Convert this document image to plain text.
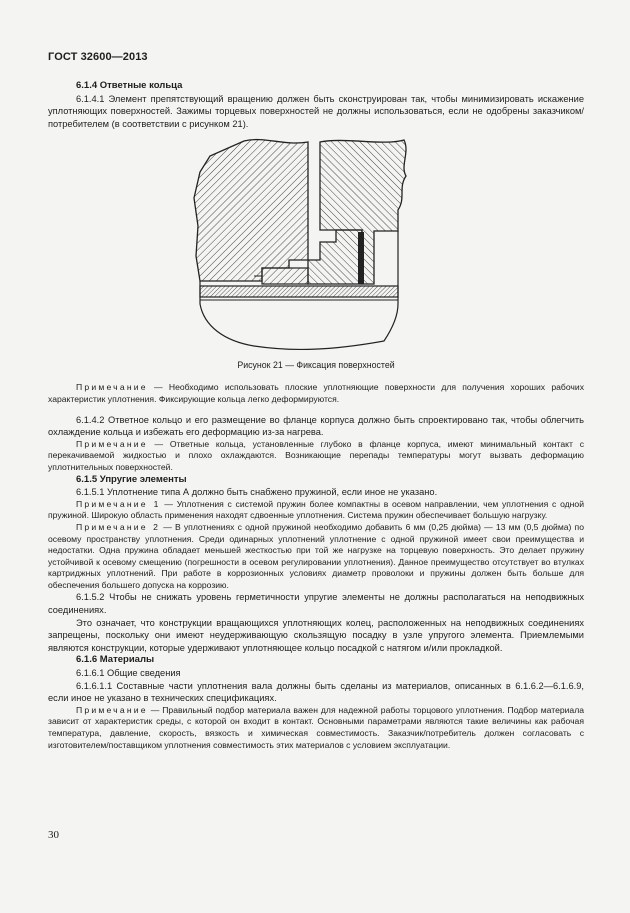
ГОСТ 32600—2013

6.1.4 Ответные кольца

6.1.4.1 Элемент препятствующий вращению должен быть сконструирован так, чтобы минимизировать искажение уплотняющих поверхностей. Зажимы торцевых поверхностей не должны использоваться, если не одобрены заказчиком/потребителем (в соответствии с рисунком 21).

Рисунок 21 — Фиксация поверхностей

Примечание — Необходимо использовать плоские уплотняющие поверхности для получения хороших рабочих характеристик уплотнения. Фиксирующие кольца легко деформируются.

6.1.4.2 Ответное кольцо и его размещение во фланце корпуса должно быть спроектировано так, чтобы облегчить охлаждение кольца и избежать его деформацию из-за нагрева.

Примечание — Ответные кольца, установленные глубоко в фланце корпуса, имеют минимальный контакт с перекачиваемой жидкостью и плохо охлаждаются. Возникающие перепады температуры могут вызвать деформацию уплотнительных поверхностей.

6.1.5 Упругие элементы

6.1.5.1 Уплотнение типа А должно быть снабжено пружиной, если иное не указано.

Примечание 1 — Уплотнения с системой пружин более компактны в осевом направлении, чем уплотнения с одной пружиной. Широкую область применения находят сдвоенные уплотнения. Система пружин обеспечивает большую нагрузку.

Примечание 2 — В уплотнениях с одной пружиной необходимо добавить 6 мм (0,25 дюйма) — 13 мм (0,5 дюйма) по осевому пространству уплотнения. Среди одинарных уплотнений уплотнение с одной пружиной имеет свои преимущества и недостатки. Одна пружина обладает меньшей жесткостью при той же нагрузке на торцевую поверхность. Это делает пружину устойчивой к осевому смещению (погрешности в осевом регулировании уплотнения). Данное преимущество отсутствует во втулках картриджных уплотнений. При работе в коррозионных условиях диаметр проволоки и пружины должен быть больше для обеспечения большего допуска на коррозию.

6.1.5.2 Чтобы не снижать уровень герметичности упругие элементы не должны располагаться на неподвижных соединениях.

Это означает, что конструкции вращающихся уплотняющих колец, расположенных на неподвижных соединениях запрещены, поскольку они имеют неудерживающую скользящую посадку в узле упругого элемента. Приемлемыми являются конструкции, которые удерживают уплотняющее кольцо посадкой с натягом и/или прокладкой.

6.1.6 Материалы

6.1.6.1 Общие сведения

6.1.6.1.1 Составные части уплотнения вала должны быть сделаны из материалов, описанных в 6.1.6.2—6.1.6.9, если иное не указано в технических спецификациях.

Примечание — Правильный подбор материала важен для надежной работы торцового уплотнения. Подбор материала зависит от характеристик среды, с которой он входит в контакт. Основными параметрами являются такие величины как рабочая температура, давление, скорость, вязкость и химическая совместимость. Заказчик/потребитель должен согласовать с изготовителем/поставщиком уплотнения совместимость этих материалов с условием эксплуатации.

30
